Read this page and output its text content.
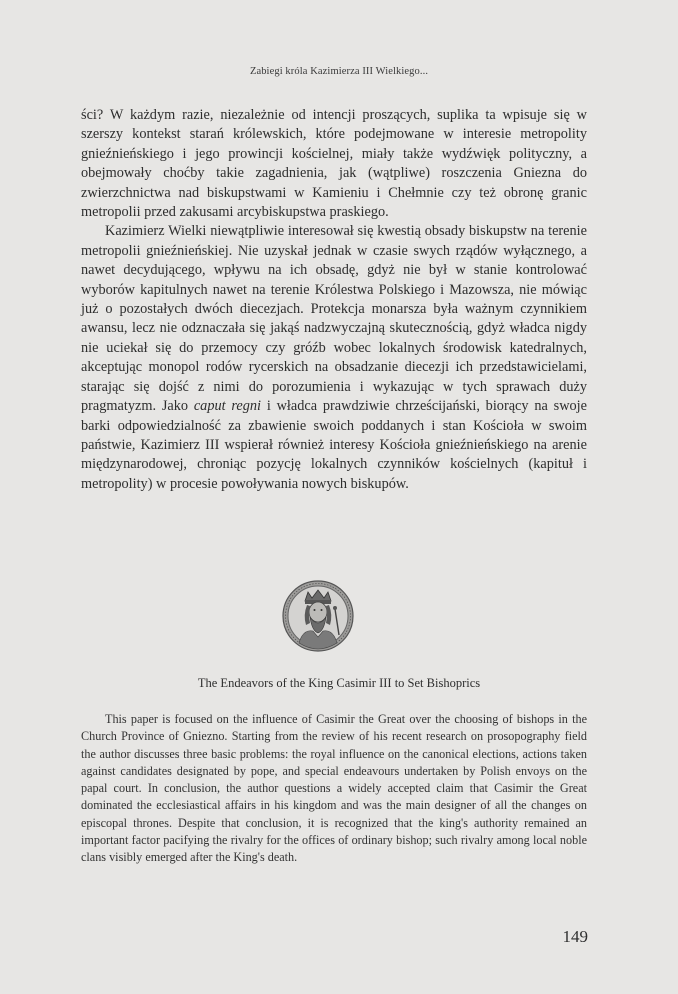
Zabiegi króla Kazimierza III Wielkiego...

ści? W każdym razie, niezależnie od intencji proszących, suplika ta wpisuje się w szerszy kontekst starań królewskich, które podejmowane w interesie metropolity gnieźnieńskiego i jego prowincji kościelnej, miały także wydźwięk polityczny, a obejmowały choćby takie zagadnienia, jak (wątpliwe) roszczenia Gniezna do zwierzchnictwa nad biskupstwami w Kamieniu i Chełmnie czy też obronę granic metropolii przed zakusami arcybiskupstwa praskiego.

Kazimierz Wielki niewątpliwie interesował się kwestią obsady biskupstw na terenie metropolii gnieźnieńskiej. Nie uzyskał jednak w czasie swych rządów wyłącznego, a nawet decydującego, wpływu na ich obsadę, gdyż nie był w stanie kontrolować wyborów kapitulnych nawet na terenie Królestwa Polskiego i Mazowsza, nie mówiąc już o pozostałych dwóch diecezjach. Protekcja monarsza była ważnym czynnikiem awansu, lecz nie odznaczała się jakąś nadzwyczajną skutecznością, gdyż władca nigdy nie uciekał się do przemocy czy gróźb wobec lokalnych środowisk katedralnych, akceptując monopol rodów rycerskich na obsadzanie diecezji ich przedstawicielami, starając się dojść z nimi do porozumienia i wykazując w tych sprawach duży pragmatyzm. Jako caput regni i władca prawdziwie chrześcijański, biorący na swoje barki odpowiedzialność za zbawienie swoich poddanych i stan Kościoła w swoim państwie, Kazimierz III wspierał również interesy Kościoła gnieźnieńskiego na arenie międzynarodowej, chroniąc pozycję lokalnych czynników kościelnych (kapituł i metropolity) w procesie powoływania nowych biskupów.

The Endeavors of the King Casimir III to Set Bishoprics

This paper is focused on the influence of Casimir the Great over the choosing of bishops in the Church Province of Gniezno. Starting from the review of his recent research on prosopography field the author discusses three basic problems: the royal influence on the canonical elections, actions taken against candidates designated by pope, and special endeavours undertaken by Polish envoys on the papal court. In conclusion, the author questions a widely accepted claim that Casimir the Great dominated the ecclesiastical affairs in his kingdom and was the main designer of all the changes on episcopal thrones. Despite that conclusion, it is recognized that the king's authority remained an important factor pacifying the rivalry for the offices of ordinary bishop; such rivalry among local noble clans visibly emerged after the King's death.

149
